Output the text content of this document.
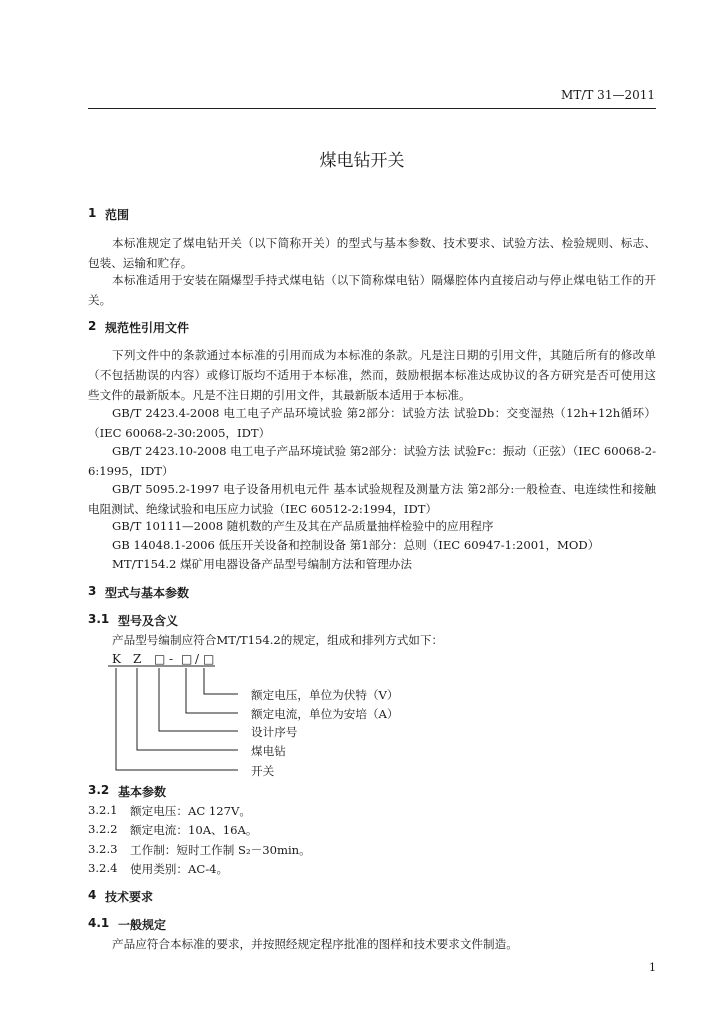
MT/T 31—2011
煤电钻开关
1 范围
本标准规定了煤电钻开关（以下简称开关）的型式与基本参数、技术要求、试验方法、检验规则、标志、包装、运输和贮存。
本标准适用于安装在隔爆型手持式煤电钻（以下简称煤电钻）隔爆腔体内直接启动与停止煤电钻工作的开关。
2 规范性引用文件
下列文件中的条款通过本标准的引用而成为本标准的条款。凡是注日期的引用文件，其随后所有的修改单（不包括勘误的内容）或修订版均不适用于本标准，然而，鼓励根据本标准达成协议的各方研究是否可使用这些文件的最新版本。凡是不注日期的引用文件，其最新版本适用于本标准。
GB/T 2423.4-2008 电工电子产品环境试验 第2部分：试验方法 试验Db：交变湿热（12h+12h循环）（IEC 60068-2-30:2005，IDT）
GB/T 2423.10-2008 电工电子产品环境试验 第2部分：试验方法 试验Fc：振动（正弦）（IEC 60068-2-6:1995，IDT）
GB/T 5095.2-1997 电子设备用机电元件 基本试验规程及测量方法 第2部分:一般检查、电连续性和接触电阻测试、绝缘试验和电压应力试验（IEC 60512-2:1994，IDT）
GB/T 10111—2008 随机数的产生及其在产品质量抽样检验中的应用程序
GB 14048.1-2006 低压开关设备和控制设备 第1部分：总则（IEC 60947-1:2001，MOD）
MT/T154.2 煤矿用电器设备产品型号编制方法和管理办法
3 型式与基本参数
3.1 型号及含义
产品型号编制应符合MT/T154.2的规定，组成和排列方式如下：
K Z □ - □ / □
额定电压，单位为伏特（V）
额定电流，单位为安培（A）
设计序号
煤电钻
开关
3.2 基本参数
3.2.1 额定电压：AC 127V。
3.2.2 额定电流：10A、16A。
3.2.3 工作制：短时工作制 S₂－30min。
3.2.4 使用类别：AC-4。
4 技术要求
4.1 一般规定
产品应符合本标准的要求，并按照经规定程序批准的图样和技术要求文件制造。
1
